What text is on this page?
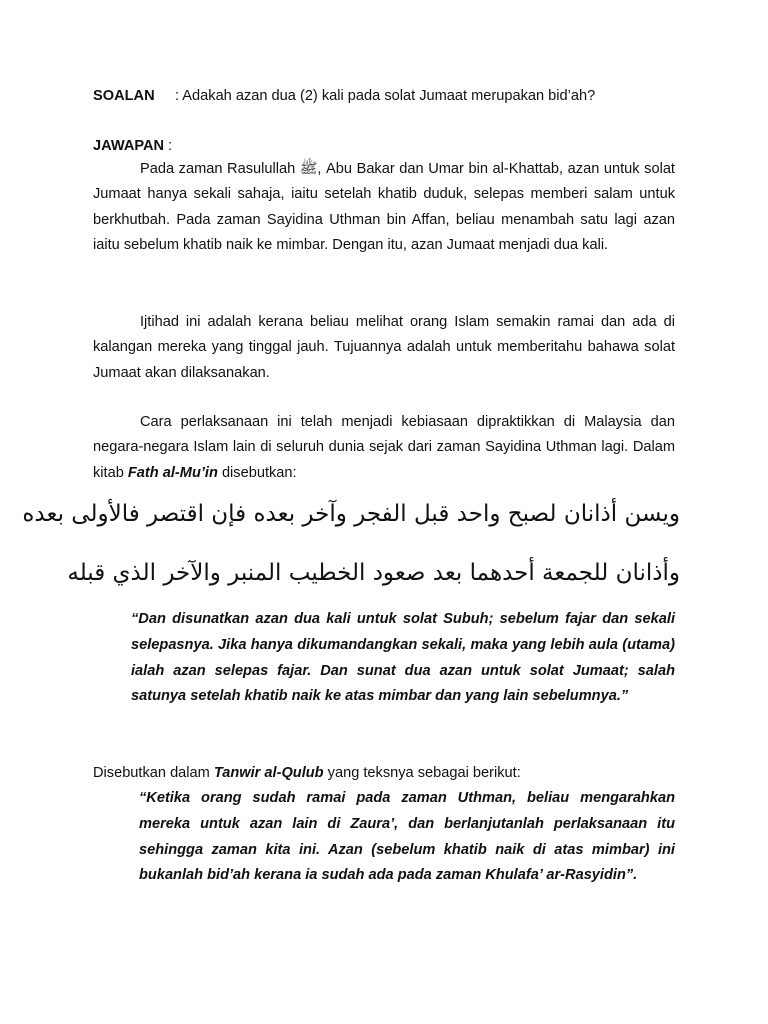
SOALAN : Adakah azan dua (2) kali pada solat Jumaat merupakan bid’ah?
JAWAPAN :

Pada zaman Rasulullah ﷺ, Abu Bakar dan Umar bin al-Khattab, azan untuk solat Jumaat hanya sekali sahaja, iaitu setelah khatib duduk, selepas memberi salam untuk berkhutbah. Pada zaman Sayidina Uthman bin Affan, beliau menambah satu lagi azan iaitu sebelum khatib naik ke mimbar. Dengan itu, azan Jumaat menjadi dua kali.

Ijtihad ini adalah kerana beliau melihat orang Islam semakin ramai dan ada di kalangan mereka yang tinggal jauh. Tujuannya adalah untuk memberitahu bahawa solat Jumaat akan dilaksanakan.

Cara perlaksanaan ini telah menjadi kebiasaan dipraktikkan di Malaysia dan negara-negara Islam lain di seluruh dunia sejak dari zaman Sayidina Uthman lagi. Dalam kitab Fath al-Mu’in disebutkan:

ويسن أذانان لصبح واحد قبل الفجر وآخر بعده فإن اقتصر فالأولى بعده
وأذانان للجمعة أحدهما بعد صعود الخطيب المنبر والآخر الذي قبله

“Dan disunatkan azan dua kali untuk solat Subuh; sebelum fajar dan sekali selepasnya. Jika hanya dikumandangkan sekali, maka yang lebih aula (utama) ialah azan selepas fajar. Dan sunat dua azan untuk solat Jumaat; salah satunya setelah khatib naik ke atas mimbar dan yang lain sebelumnya.”

Disebutkan dalam Tanwir al-Qulub yang teksnya sebagai berikut:

“Ketika orang sudah ramai pada zaman Uthman, beliau mengarahkan mereka untuk azan lain di Zaura’, dan berlanjutanlah perlaksanaan itu sehingga zaman kita ini. Azan (sebelum khatib naik di atas mimbar) ini bukanlah bid’ah kerana ia sudah ada pada zaman Khulafa’ ar-Rasyidin”.
